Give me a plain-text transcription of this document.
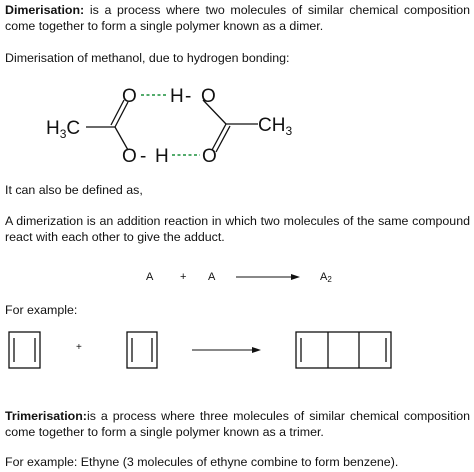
Dimerisation: is a process where two molecules of similar chemical composition come together to form a single polymer known as a dimer.

Dimerisation of methanol, due to hydrogen bonding:

O H - O
O - H O
$H_3C$	$CH_3$

It can also be defined as,

A dimerization is an addition reaction in which two molecules of the same compound react with each other to give the adduct.

A + A	$A_2$

For example:

+

Trimerisation:is a process where three molecules of similar chemical composition come together to form a single polymer known as a trimer.

For example: Ethyne (3 molecules of ethyne combine to form benzene).
